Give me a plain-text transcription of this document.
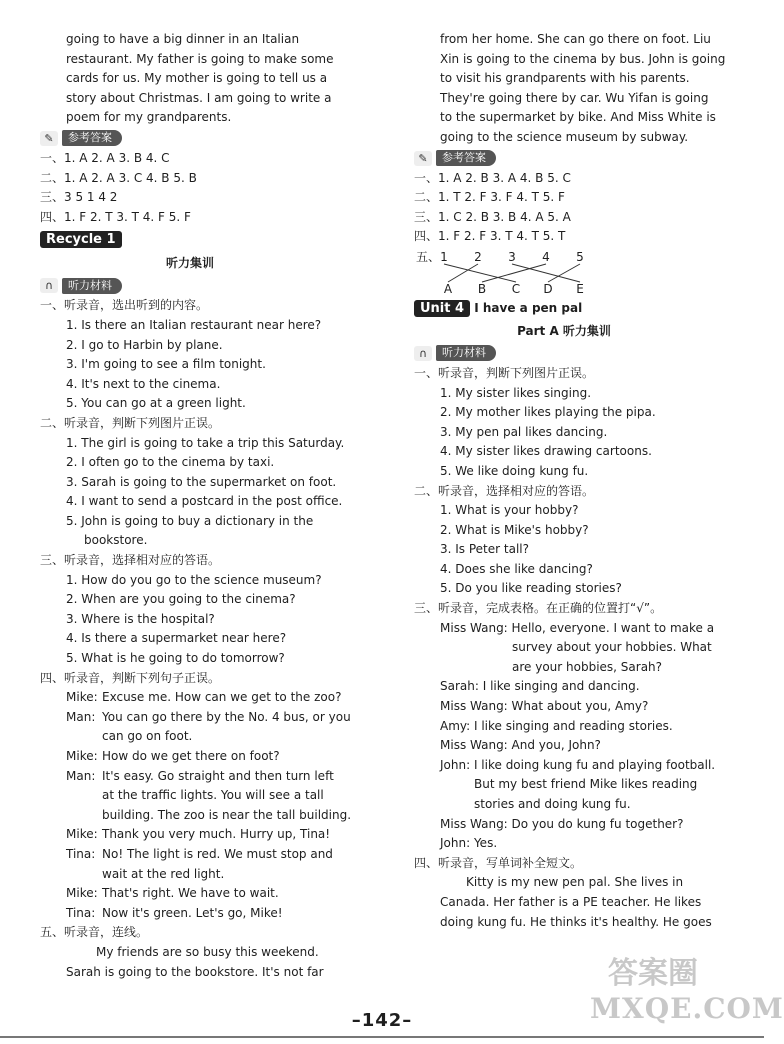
going to have a big dinner in an Italian
restaurant. My father is going to make some
cards for us. My mother is going to tell us a
story about Christmas. I am going to write a
poem for my grandparents.
✎	参考答案
一、1. A 2. A 3. B 4. C
二、1. A 2. A 3. C 4. B 5. B
三、3 5 1 4 2
四、1. F 2. T 3. T 4. F 5. F
Recycle 1
听力集训
∩	听力材料
一、听录音，选出听到的内容。
1. Is there an Italian restaurant near here?
2. I go to Harbin by plane.
3. I'm going to see a film tonight.
4. It's next to the cinema.
5. You can go at a green light.
二、听录音，判断下列图片正误。
1. The girl is going to take a trip this Saturday.
2. I often go to the cinema by taxi.
3. Sarah is going to the supermarket on foot.
4. I want to send a postcard in the post office.
5. John is going to buy a dictionary in the
bookstore.
三、听录音，选择相对应的答语。
1. How do you go to the science museum?
2. When are you going to the cinema?
3. Where is the hospital?
4. Is there a supermarket near here?
5. What is he going to do tomorrow?
四、听录音，判断下列句子正误。
Mike: Excuse me. How can we get to the zoo?
Man: You can go there by the No. 4 bus, or you
can go on foot.
Mike: How do we get there on foot?
Man: It's easy. Go straight and then turn left
at the traffic lights. You will see a tall
building. The zoo is near the tall building.
Mike: Thank you very much. Hurry up, Tina!
Tina: No! The light is red. We must stop and
wait at the red light.
Mike: That's right. We have to wait.
Tina: Now it's green. Let's go, Mike!
五、听录音，连线。
My friends are so busy this weekend.
Sarah is going to the bookstore. It's not far
from her home. She can go there on foot. Liu
Xin is going to the cinema by bus. John is going
to visit his grandparents with his parents.
They're going there by car. Wu Yifan is going
to the supermarket by bike. And Miss White is
going to the science museum by subway.
✎	参考答案
一、1. A 2. B 3. A 4. B 5. C
二、1. T 2. F 3. F 4. T 5. F
三、1. C 2. B 3. B 4. A 5. A
四、1. F 2. F 3. T 4. T 5. T
五、 1 2 3 4 5
A B C D E
Unit 4 I have a pen pal
Part A 听力集训
∩	听力材料
一、听录音，判断下列图片正误。
1. My sister likes singing.
2. My mother likes playing the pipa.
3. My pen pal likes dancing.
4. My sister likes drawing cartoons.
5. We like doing kung fu.
二、听录音，选择相对应的答语。
1. What is your hobby?
2. What is Mike's hobby?
3. Is Peter tall?
4. Does she like dancing?
5. Do you like reading stories?
三、听录音，完成表格。在正确的位置打“√”。
Miss Wang: Hello, everyone. I want to make a
survey about your hobbies. What
are your hobbies, Sarah?
Sarah: I like singing and dancing.
Miss Wang: What about you, Amy?
Amy: I like singing and reading stories.
Miss Wang: And you, John?
John: I like doing kung fu and playing football.
But my best friend Mike likes reading
stories and doing kung fu.
Miss Wang: Do you do kung fu together?
John: Yes.
四、听录音，写单词补全短文。
Kitty is my new pen pal. She lives in
Canada. Her father is a PE teacher. He likes
doing kung fu. He thinks it's healthy. He goes
–142–
答案圈
MXQE.COM
